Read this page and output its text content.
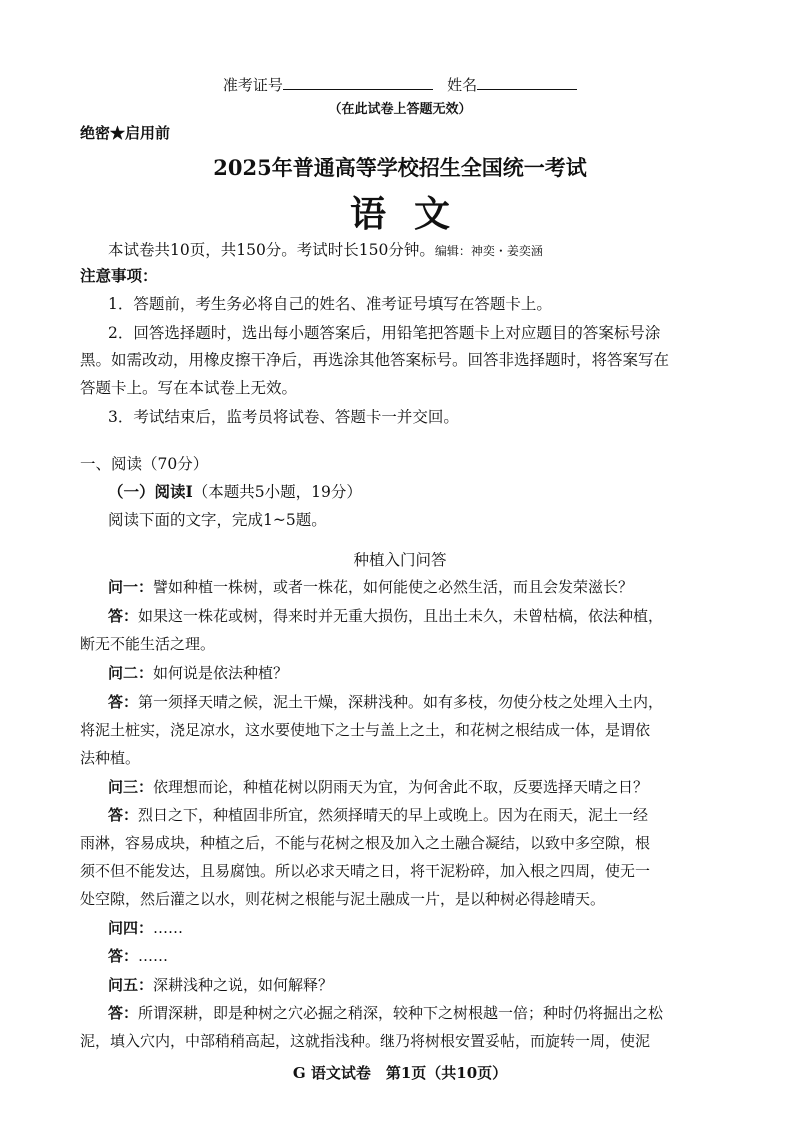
准考证号	姓名
（在此试卷上答题无效）
绝密★启用前
2025年普通高等学校招生全国统一考试
语文
本试卷共10页，共150分。考试时长150分钟。编辑：神奕・姜奕涵
注意事项：
1．答题前，考生务必将自己的姓名、准考证号填写在答题卡上。
2．回答选择题时，选出每小题答案后，用铅笔把答题卡上对应题目的答案标号涂
黑。如需改动，用橡皮擦干净后，再选涂其他答案标号。回答非选择题时，将答案写在
答题卡上。写在本试卷上无效。
3．考试结束后，监考员将试卷、答题卡一并交回。
一、阅读（70分）
（一）阅读Ⅰ（本题共5小题，19分）
阅读下面的文字，完成1~5题。
种植入门问答
问一：譬如种植一株树，或者一株花，如何能使之必然生活，而且会发荣滋长？
答：如果这一株花或树，得来时并无重大损伤，且出土未久，未曾枯槁，依法种植，
断无不能生活之理。
问二：如何说是依法种植？
答：第一须择天晴之候，泥土干燥，深耕浅种。如有多枝，勿使分枝之处埋入土内，
将泥土桩实，浇足凉水，这水要使地下之士与盖上之土，和花树之根结成一体，是谓依
法种植。
问三：依理想而论，种植花树以阴雨天为宜，为何舍此不取，反要选择天晴之日？
答：烈日之下，种植固非所宜，然须择晴天的早上或晚上。因为在雨天，泥土一经
雨淋，容易成块，种植之后，不能与花树之根及加入之土融合凝结，以致中多空隙，根
须不但不能发达，且易腐蚀。所以必求天晴之日，将干泥粉碎，加入根之四周，使无一
处空隙，然后灌之以水，则花树之根能与泥土融成一片，是以种树必得趁晴天。
问四：……
答：……
问五：深耕浅种之说，如何解释？
答：所谓深耕，即是种树之穴必掘之稍深，较种下之树根越一倍；种时仍将掘出之松
泥，填入穴内，中部稍稍高起，这就指浅种。继乃将树根安置妥帖，而旋转一周，使泥
G 语文试卷　第1页（共10页）
